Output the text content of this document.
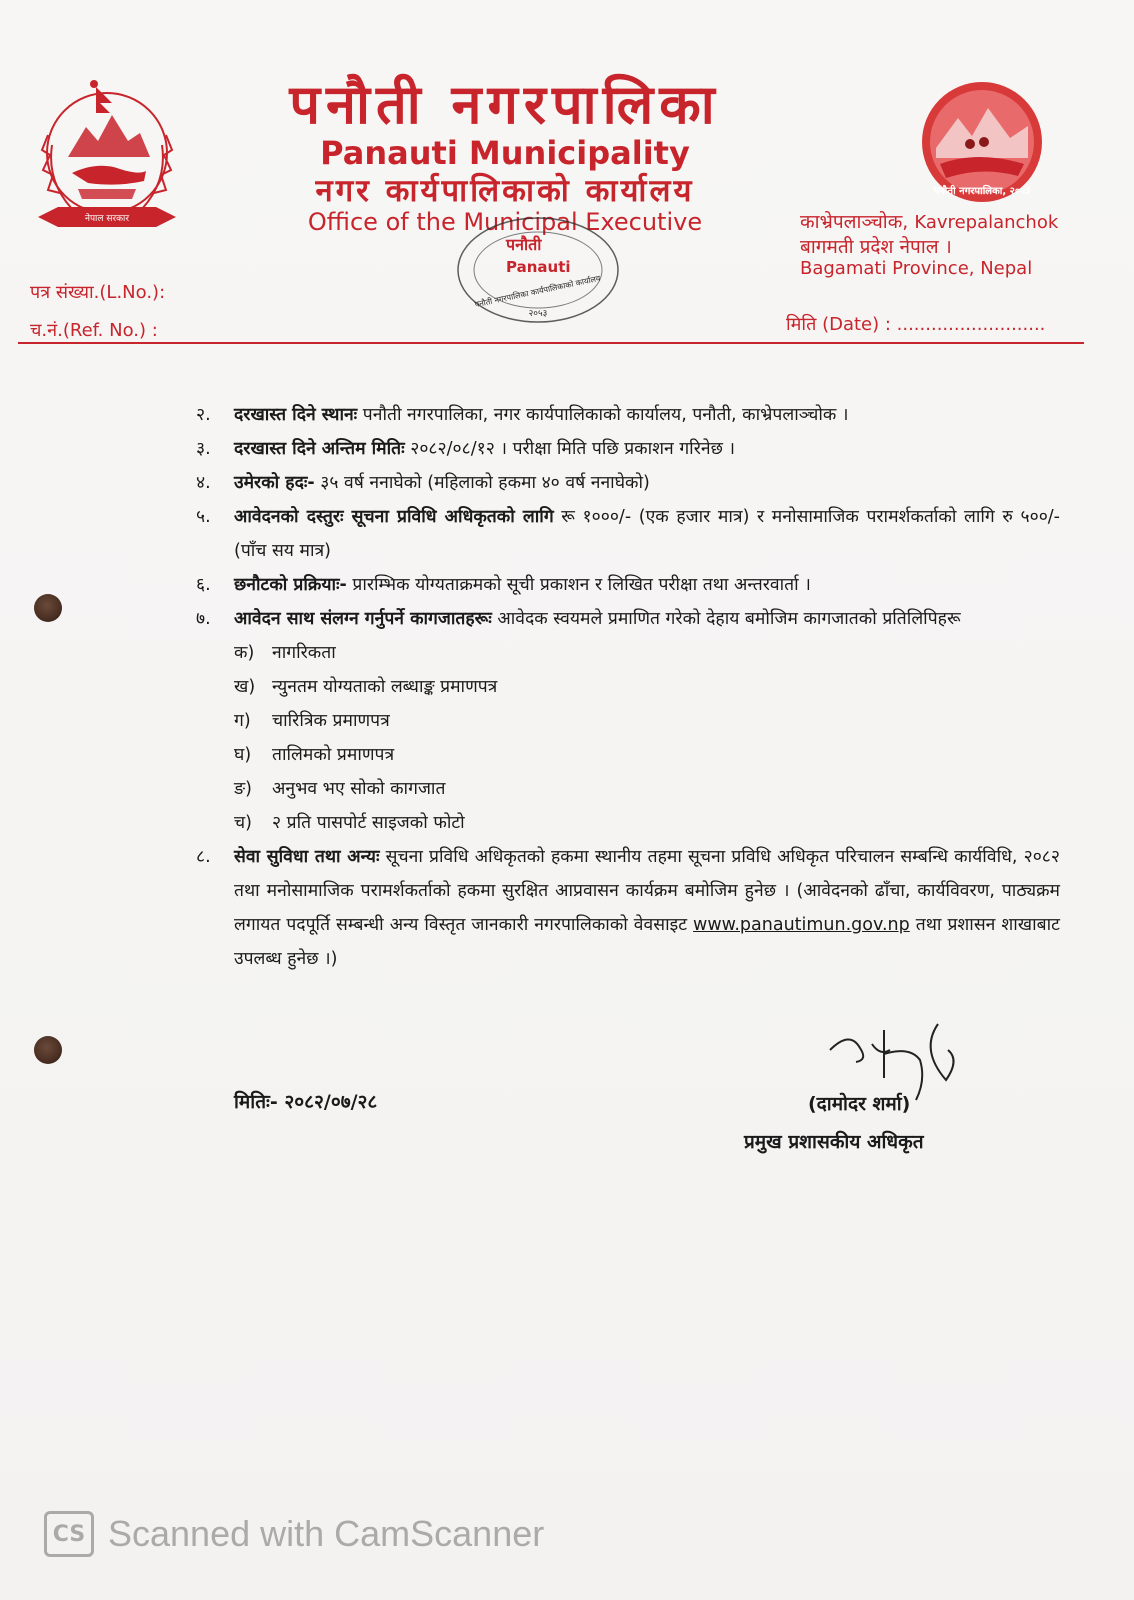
नेपाल सरकार
पनौती नगरपालिका
Panauti Municipality
नगर कार्यपालिकाको कार्यालय
Office of the Municipal Executive
पनौती नगरपालिका, २०५३
काभ्रेपलाञ्चोक, Kavrepalanchok
बागमती प्रदेश नेपाल ।
Bagamati Province, Nepal
पत्र संख्या.(L.No.):
च.नं.(Ref. No.) :	मिति (Date) : ..........................
पनौती
Panauti
पनौती नगरपालिका कार्यपालिकाको कार्यालय
२०५३
२. दरखास्त दिने स्थानः पनौती नगरपालिका, नगर कार्यपालिकाको कार्यालय, पनौती, काभ्रेपलाञ्चोक ।
३. दरखास्त दिने अन्तिम मितिः २०८२/०८/१२ । परीक्षा मिति पछि प्रकाशन गरिनेछ ।
४. उमेरको हदः- ३५ वर्ष ननाघेको (महिलाको हकमा ४० वर्ष ननाघेको)
५. आवेदनको दस्तुरः सूचना प्रविधि अधिकृतको लागि रू १०००/- (एक हजार मात्र) र मनोसामाजिक परामर्शकर्ताको लागि रु ५००/- (पाँच सय मात्र)
६. छनौटको प्रक्रियाः- प्रारम्भिक योग्यताक्रमको सूची प्रकाशन र लिखित परीक्षा तथा अन्तरवार्ता ।
७. आवेदन साथ संलग्न गर्नुपर्ने कागजातहरूः आवेदक स्वयमले प्रमाणित गरेको देहाय बमोजिम कागजातको प्रतिलिपिहरू
क) नागरिकता
ख) न्युनतम योग्यताको लब्धाङ्क प्रमाणपत्र
ग) चारित्रिक प्रमाणपत्र
घ) तालिमको प्रमाणपत्र
ङ) अनुभव भए सोको कागजात
च) २ प्रति पासपोर्ट साइजको फोटो
८. सेवा सुविधा तथा अन्यः सूचना प्रविधि अधिकृतको हकमा स्थानीय तहमा सूचना प्रविधि अधिकृत परिचालन सम्बन्धि कार्यविधि, २०८२ तथा मनोसामाजिक परामर्शकर्ताको हकमा सुरक्षित आप्रवासन कार्यक्रम बमोजिम हुनेछ । (आवेदनको ढाँचा, कार्यविवरण, पाठ्यक्रम लगायत पदपूर्ति सम्बन्धी अन्य विस्तृत जानकारी नगरपालिकाको वेवसाइट www.panautimun.gov.np तथा प्रशासन शाखाबाट उपलब्ध हुनेछ ।)
मितिः- २०८२/०७/२८	(दामोदर शर्मा)
प्रमुख प्रशासकीय अधिकृत
CS Scanned with CamScanner
